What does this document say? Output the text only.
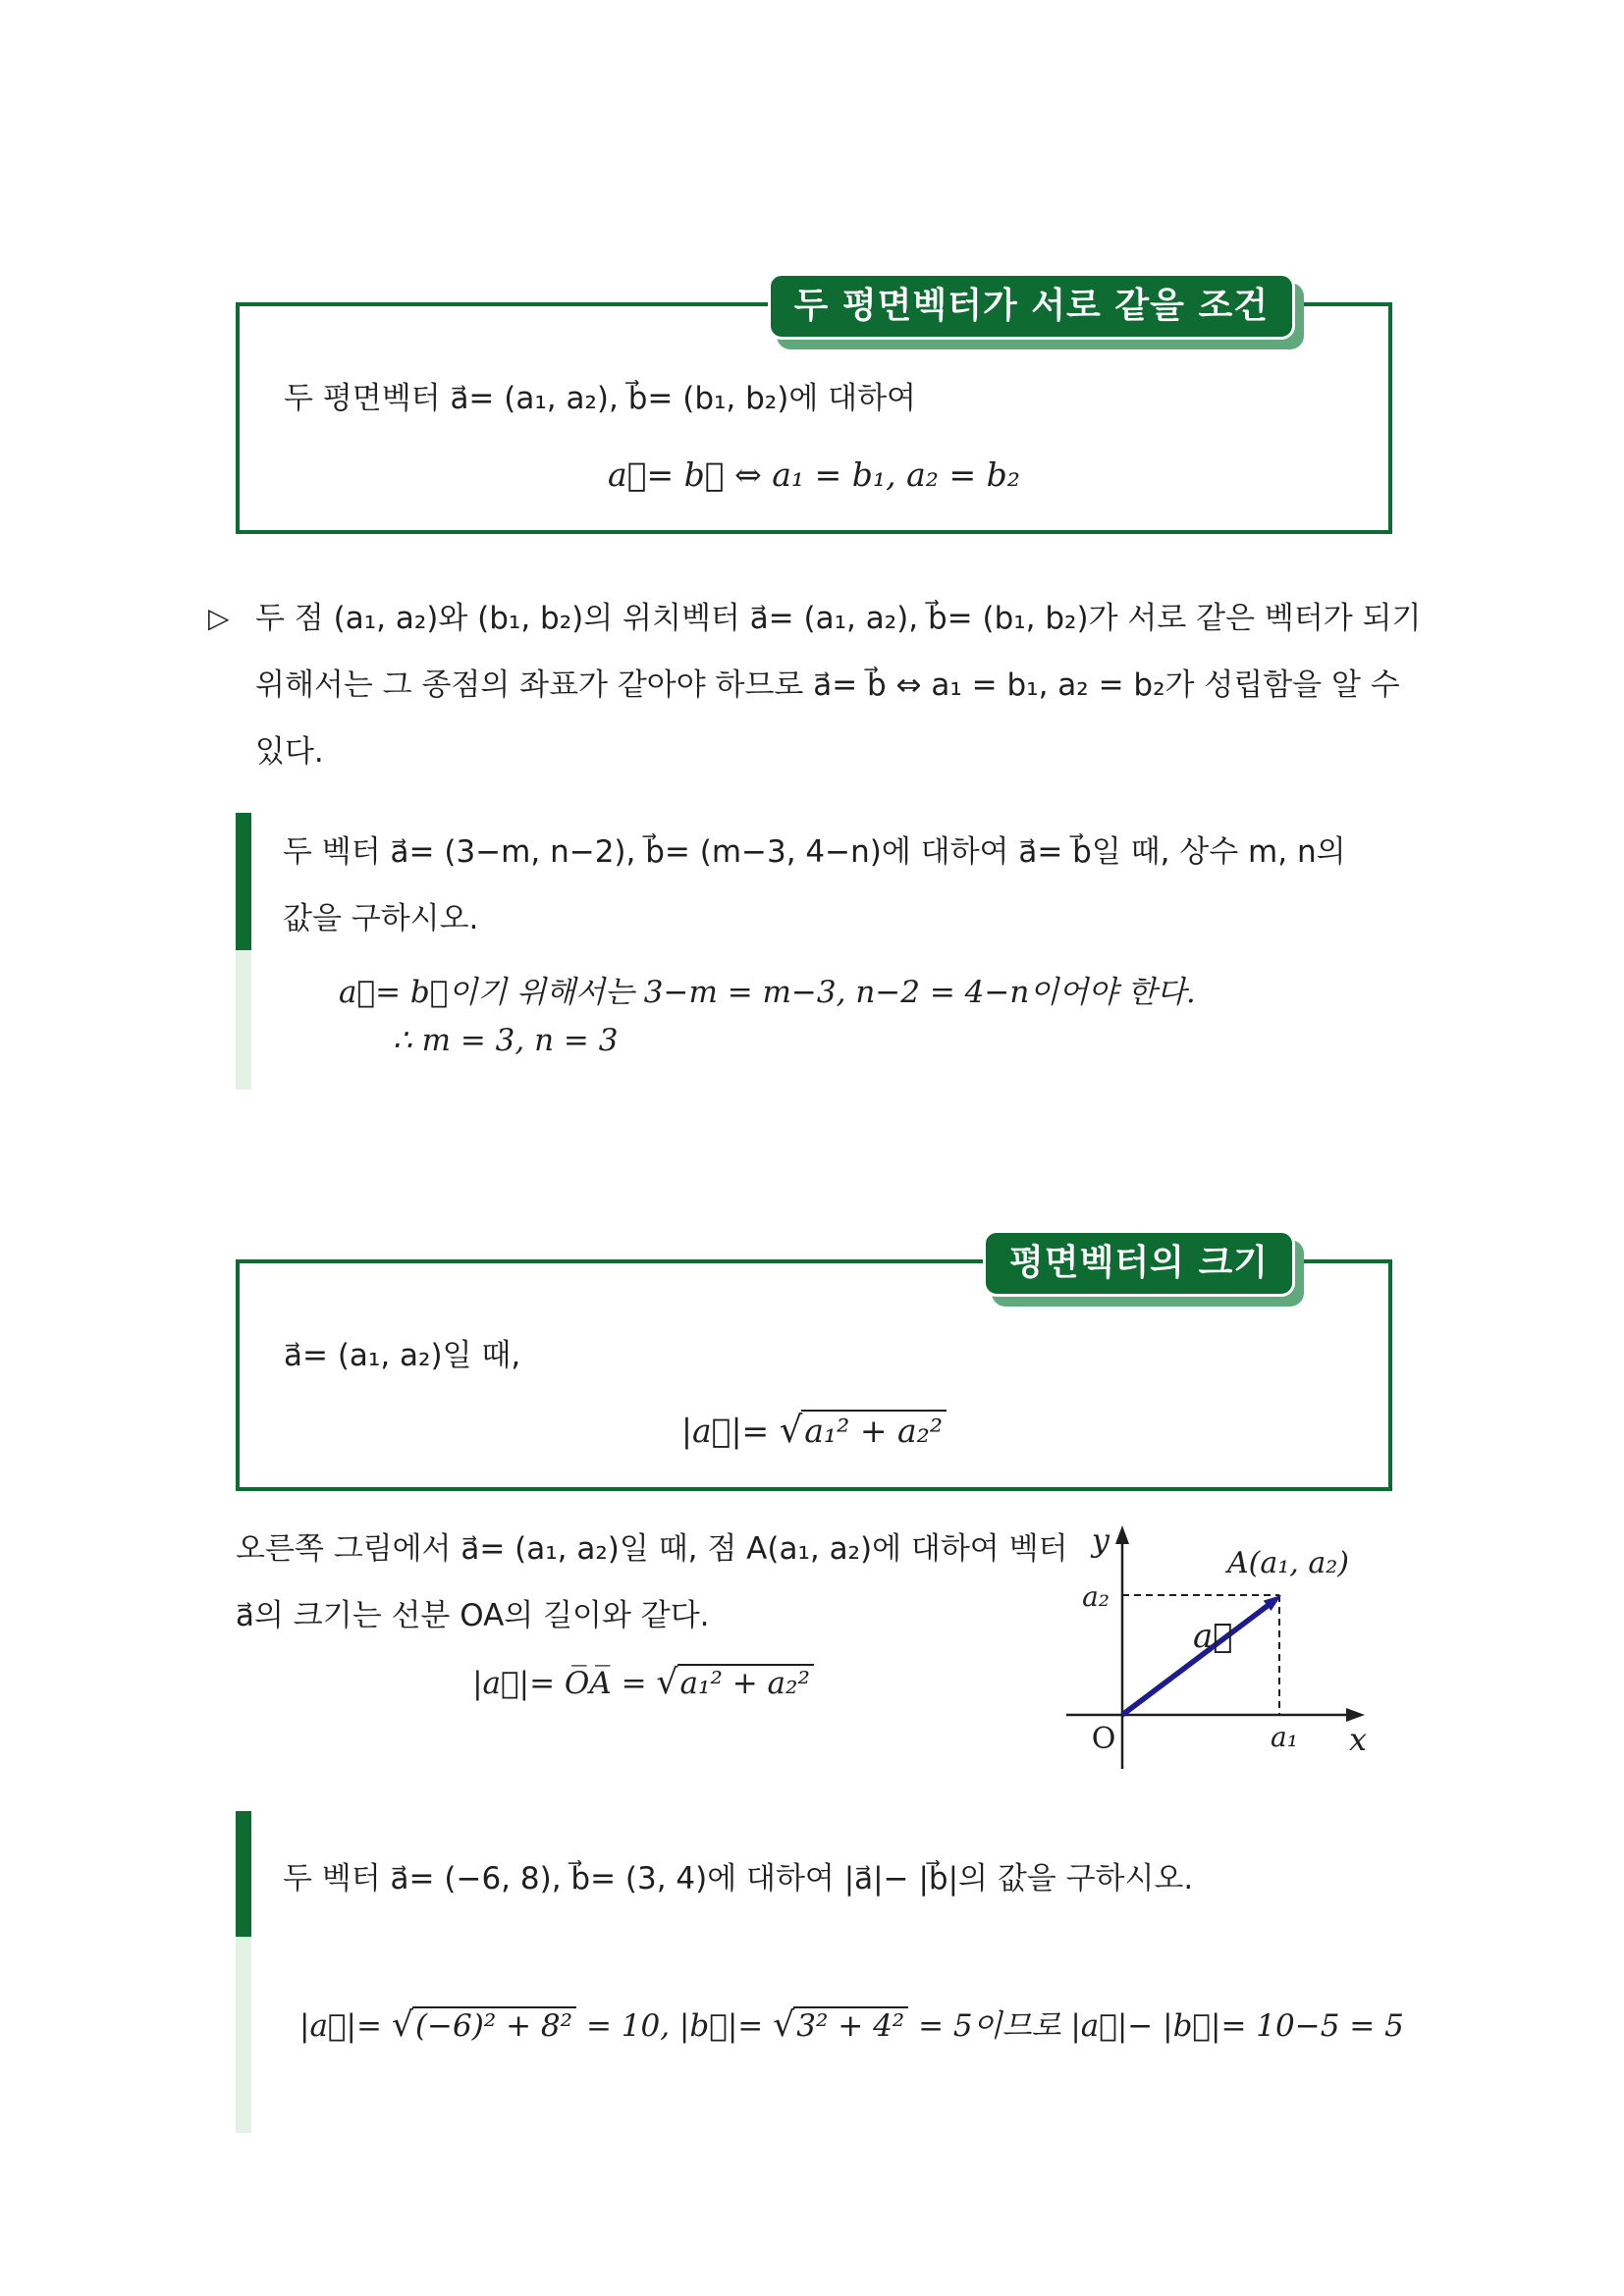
두 평면벡터가 서로 같을 조건
두 평면벡터 a⃗= (a₁, a₂), b⃗= (b₁, b₂)에 대하여
a⃗= b⃗ ⇔ a₁ = b₁, a₂ = b₂
▷ 두 점 (a₁, a₂)와 (b₁, b₂)의 위치벡터 a⃗= (a₁, a₂), b⃗= (b₁, b₂)가 서로 같은 벡터가 되기
위해서는 그 종점의 좌표가 같아야 하므로 a⃗= b⃗ ⇔ a₁ = b₁, a₂ = b₂가 성립함을 알 수
있다.
두 벡터 a⃗= (3−m, n−2), b⃗= (m−3, 4−n)에 대하여 a⃗= b⃗일 때, 상수 m, n의
값을 구하시오.
a⃗= b⃗이기 위해서는 3−m = m−3, n−2 = 4−n이어야 한다.
∴ m = 3, n = 3
평면벡터의 크기
a⃗= (a₁, a₂)일 때,
|a⃗|= √a₁² + a₂²
오른쪽 그림에서 a⃗= (a₁, a₂)일 때, 점 A(a₁, a₂)에 대하여 벡터
a⃗의 크기는 선분 OA의 길이와 같다.
|a⃗|= O̅A̅ = √a₁² + a₂²
y
x
O
a₂
a₁
a⃗
A(a₁, a₂)
두 벡터 a⃗= (−6, 8), b⃗= (3, 4)에 대하여 |a⃗|− |b⃗|의 값을 구하시오.
|a⃗|= √(−6)² + 8² = 10, |b⃗|= √3² + 4² = 5이므로 |a⃗|− |b⃗|= 10−5 = 5
